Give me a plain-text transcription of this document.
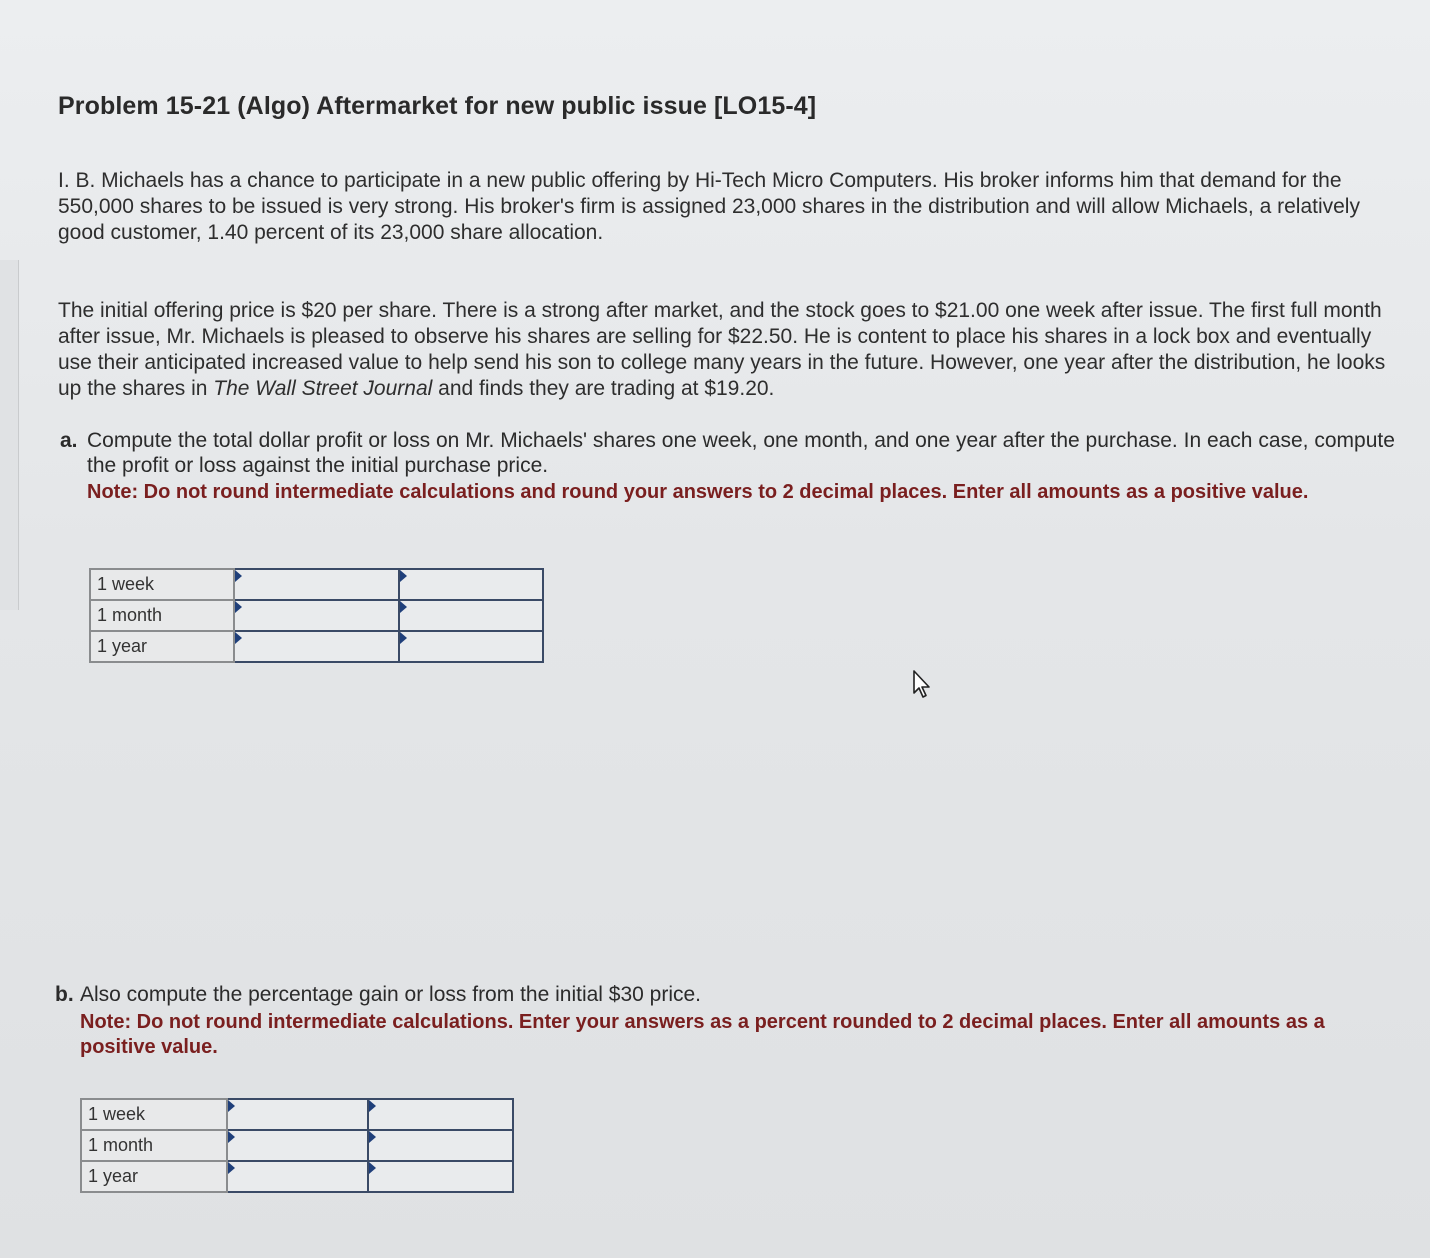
Problem 15-21 (Algo) Aftermarket for new public issue [LO15-4]
I. B. Michaels has a chance to participate in a new public offering by Hi-Tech Micro Computers. His broker informs him that demand for the 550,000 shares to be issued is very strong. His broker's firm is assigned 23,000 shares in the distribution and will allow Michaels, a relatively good customer, 1.40 percent of its 23,000 share allocation.
The initial offering price is $20 per share. There is a strong after market, and the stock goes to $21.00 one week after issue. The first full month after issue, Mr. Michaels is pleased to observe his shares are selling for $22.50. He is content to place his shares in a lock box and eventually use their anticipated increased value to help send his son to college many years in the future. However, one year after the distribution, he looks up the shares in The Wall Street Journal and finds they are trading at $19.20.
a. Compute the total dollar profit or loss on Mr. Michaels' shares one week, one month, and one year after the purchase. In each case, compute the profit or loss against the initial purchase price.
Note: Do not round intermediate calculations and round your answers to 2 decimal places. Enter all amounts as a positive value.
1 week	

1 month	

1 year	

b. Also compute the percentage gain or loss from the initial $30 price.
Note: Do not round intermediate calculations. Enter your answers as a percent rounded to 2 decimal places. Enter all amounts as a positive value.
1 week	

1 month	

1 year	
